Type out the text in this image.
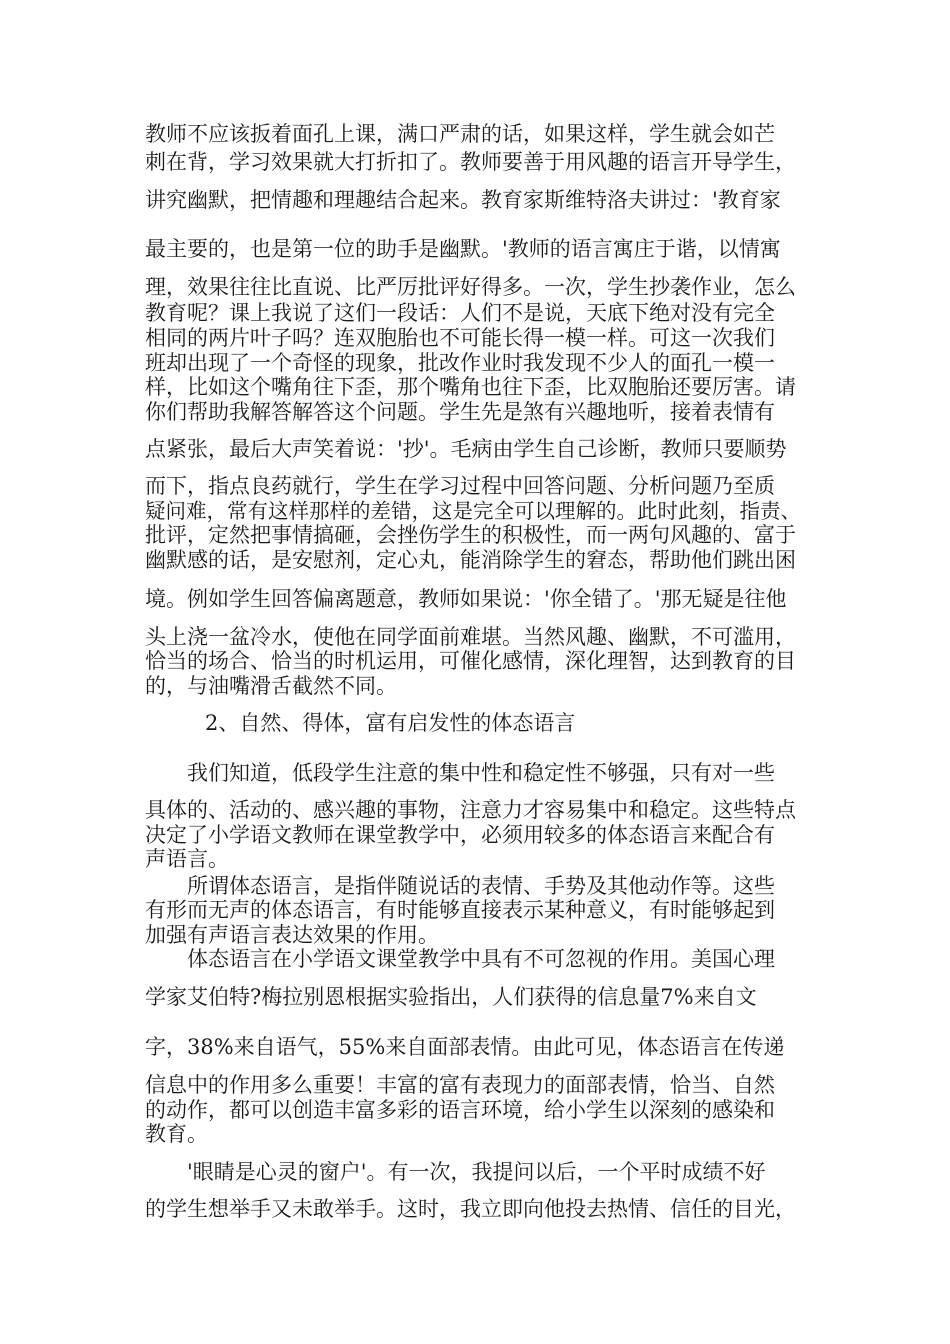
教师不应该扳着面孔上课，满口严肃的话，如果这样，学生就会如芒
刺在背，学习效果就大打折扣了。教师要善于用风趣的语言开导学生，
讲究幽默，把情趣和理趣结合起来。教育家斯维特洛夫讲过：'教育家
最主要的，也是第一位的助手是幽默。'教师的语言寓庄于谐，以情寓
理，效果往往比直说、比严厉批评好得多。一次，学生抄袭作业，怎么
教育呢？课上我说了这们一段话：人们不是说，天底下绝对没有完全
相同的两片叶子吗？连双胞胎也不可能长得一模一样。可这一次我们
班却出现了一个奇怪的现象，批改作业时我发现不少人的面孔一模一
样，比如这个嘴角往下歪，那个嘴角也往下歪，比双胞胎还要厉害。请
你们帮助我解答解答这个问题。学生先是煞有兴趣地听，接着表情有
点紧张，最后大声笑着说：'抄'。毛病由学生自己诊断，教师只要顺势
而下，指点良药就行，学生在学习过程中回答问题、分析问题乃至质
疑问难，常有这样那样的差错，这是完全可以理解的。此时此刻，指责、
批评，定然把事情搞砸，会挫伤学生的积极性，而一两句风趣的、富于
幽默感的话，是安慰剂，定心丸，能消除学生的窘态，帮助他们跳出困
境。例如学生回答偏离题意，教师如果说：'你全错了。'那无疑是往他
头上浇一盆冷水，使他在同学面前难堪。当然风趣、幽默，不可滥用，
恰当的场合、恰当的时机运用，可催化感情，深化理智，达到教育的目
的，与油嘴滑舌截然不同。
2、自然、得体，富有启发性的体态语言
我们知道，低段学生注意的集中性和稳定性不够强，只有对一些
具体的、活动的、感兴趣的事物，注意力才容易集中和稳定。这些特点
决定了小学语文教师在课堂教学中，必须用较多的体态语言来配合有
声语言。
所谓体态语言，是指伴随说话的表情、手势及其他动作等。这些
有形而无声的体态语言，有时能够直接表示某种意义，有时能够起到
加强有声语言表达效果的作用。
体态语言在小学语文课堂教学中具有不可忽视的作用。美国心理
学家艾伯特?梅拉别恩根据实验指出，人们获得的信息量7%来自文
字，38%来自语气，55%来自面部表情。由此可见，体态语言在传递
信息中的作用多么重要！丰富的富有表现力的面部表情，恰当、自然
的动作，都可以创造丰富多彩的语言环境，给小学生以深刻的感染和
教育。
'眼睛是心灵的窗户'。有一次，我提问以后，一个平时成绩不好
的学生想举手又未敢举手。这时，我立即向他投去热情、信任的目光，
